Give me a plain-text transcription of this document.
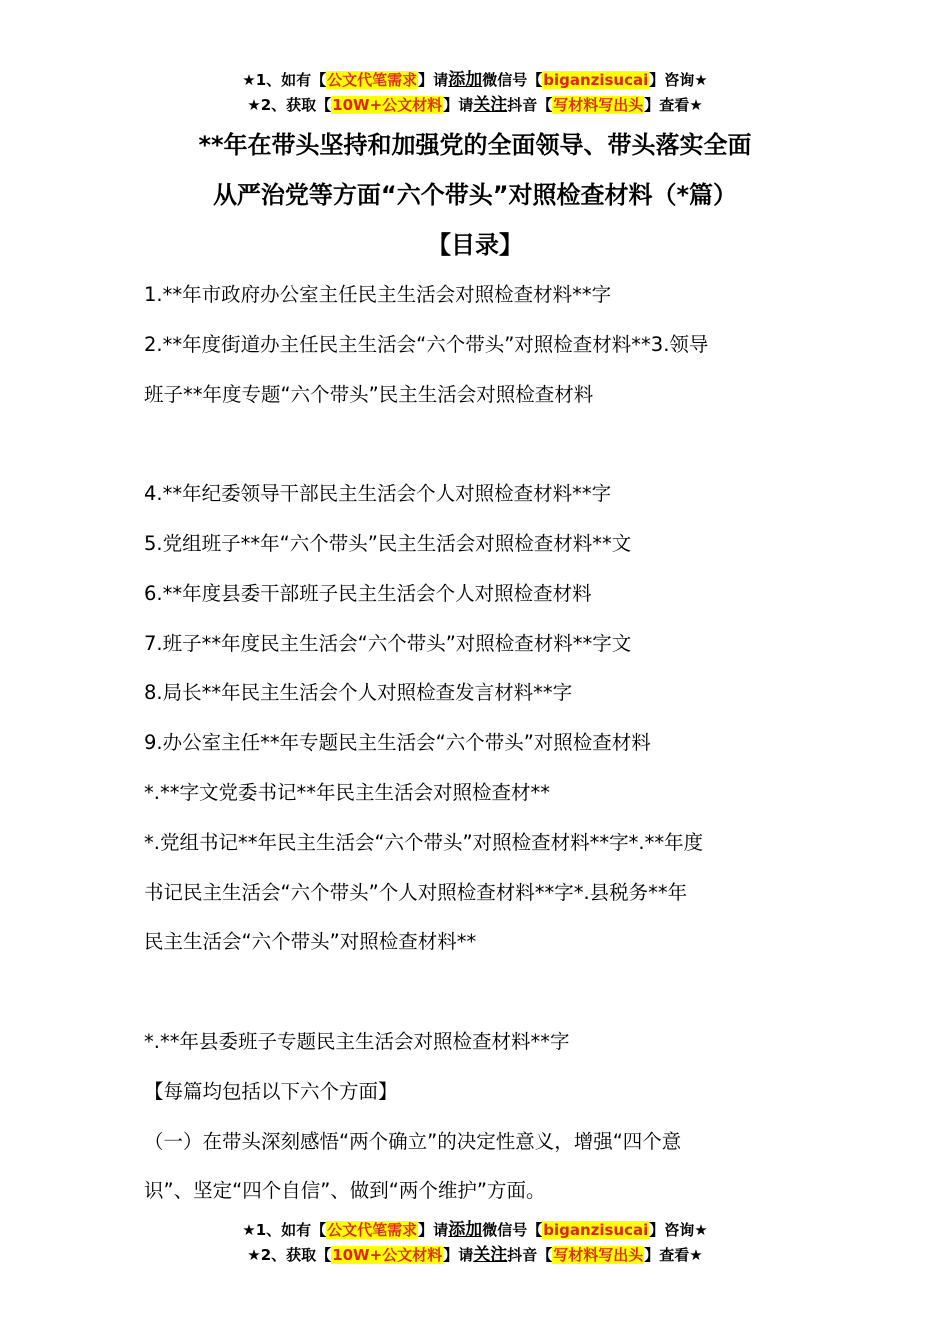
★1、如有【公文代笔需求】请添加微信号【biganzisucai】咨询★
★2、获取【10W+公文材料】请关注抖音【写材料写出头】查看★
**年在带头坚持和加强党的全面领导、带头落实全面
从严治党等方面“六个带头”对照检查材料（*篇）
【目录】

1.**年市政府办公室主任民主生活会对照检查材料**字

2.**年度街道办主任民主生活会“六个带头”对照检查材料**3.领导

班子**年度专题“六个带头”民主生活会对照检查材料

4.**年纪委领导干部民主生活会个人对照检查材料**字

5.党组班子**年“六个带头”民主生活会对照检查材料**文

6.**年度县委干部班子民主生活会个人对照检查材料

7.班子**年度民主生活会“六个带头”对照检查材料**字文

8.局长**年民主生活会个人对照检查发言材料**字

9.办公室主任**年专题民主生活会“六个带头”对照检查材料

*.**字文党委书记**年民主生活会对照检查材**

*.党组书记**年民主生活会“六个带头”对照检查材料**字*.**年度

书记民主生活会“六个带头”个人对照检查材料**字*.县税务**年

民主生活会“六个带头”对照检查材料**

*.**年县委班子专题民主生活会对照检查材料**字

【每篇均包括以下六个方面】

（一）在带头深刻感悟“两个确立”的决定性意义，增强“四个意

识”、坚定“四个自信”、做到“两个维护”方面。

★1、如有【公文代笔需求】请添加微信号【biganzisucai】咨询★
★2、获取【10W+公文材料】请关注抖音【写材料写出头】查看★
